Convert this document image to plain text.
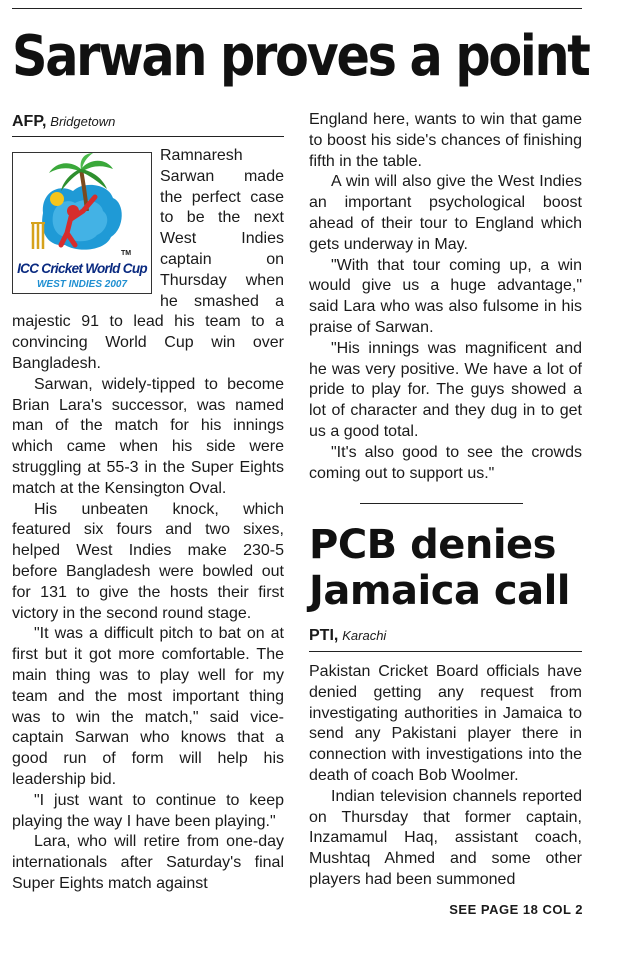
Sarwan proves a point
AFP, Bridgetown
TM
ICC Cricket World Cup
WEST INDIES 2007

Ramnaresh Sarwan made the perfect case to be the next West Indies captain on Thursday when he smashed a majestic 91 to lead his team to a convincing World Cup win over Bangladesh.

Sarwan, widely-tipped to become Brian Lara's successor, was named man of the match for his innings which came when his side were struggling at 55-3 in the Super Eights match at the Kensington Oval.

His unbeaten knock, which featured six fours and two sixes, helped West Indies make 230-5 before Bangladesh were bowled out for 131 to give the hosts their first victory in the second round stage.

"It was a difficult pitch to bat on at first but it got more comfortable. The main thing was to play well for my team and the most important thing was to win the match," said vice-captain Sarwan who knows that a good run of form will help his leadership bid.

"I just want to continue to keep playing the way I have been playing."

Lara, who will retire from one-day internationals after Saturday's final Super Eights match against

England here, wants to win that game to boost his side's chances of finishing fifth in the table.

A win will also give the West Indies an important psychological boost ahead of their tour to England which gets underway in May.

"With that tour coming up, a win would give us a huge advantage," said Lara who was also fulsome in his praise of Sarwan.

"His innings was magnificent and he was very positive. We have a lot of pride to play for. The guys showed a lot of character and they dug in to get us a good total.

"It's also good to see the crowds coming out to support us."

PCB denies Jamaica call
PTI, Karachi

Pakistan Cricket Board officials have denied getting any request from investigating authorities in Jamaica to send any Pakistani player there in connection with investigations into the death of coach Bob Woolmer.

Indian television channels reported on Thursday that former captain, Inzamamul Haq, assistant coach, Mushtaq Ahmed and some other players had been summoned

SEE PAGE 18 COL 2
